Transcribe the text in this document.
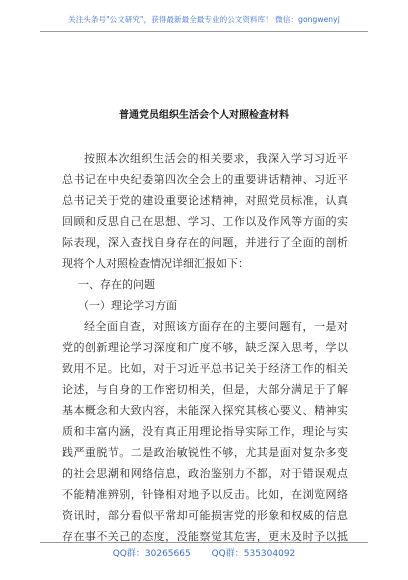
关注头条号"公文研究"，获得最新最全最专业的公文资料库！ 微信：gongwenyj
普通党员组织生活会个人对照检查材料
按照本次组织生活会的相关要求，我深入学习习近平
总书记在中央纪委第四次全会上的重要讲话精神、习近平
总书记关于党的建设重要论述精神，对照党员标准，认真
回顾和反思自己在思想、学习、工作以及作风等方面的实
际表现，深入查找自身存在的问题，并进行了全面的剖析
现将个人对照检查情况详细汇报如下：
一、存在的问题
（一）理论学习方面
经全面自查，对照该方面存在的主要问题有，一是对
党的创新理论学习深度和广度不够，缺乏深入思考，学以
致用不足。比如，对于习近平总书记关于经济工作的相关
论述，与自身的工作密切相关，但是，大部分满足于了解
基本概念和大致内容，未能深入探究其核心要义、精神实
质和丰富内涵，没有真正用理论指导实际工作，理论与实
践严重脱节。二是政治敏锐性不够，尤其是面对复杂多变
的社会思潮和网络信息，政治鉴别力不都，对于错误观点
不能精准辨别，针锋相对地予以反击。比如，在浏览网络
资讯时，部分看似平常却可能损害党的形象和权威的信息
存在事不关己的态度，没能察觉其危害，更未及时予以抵
QQ群：30265665 QQ群：535304092
